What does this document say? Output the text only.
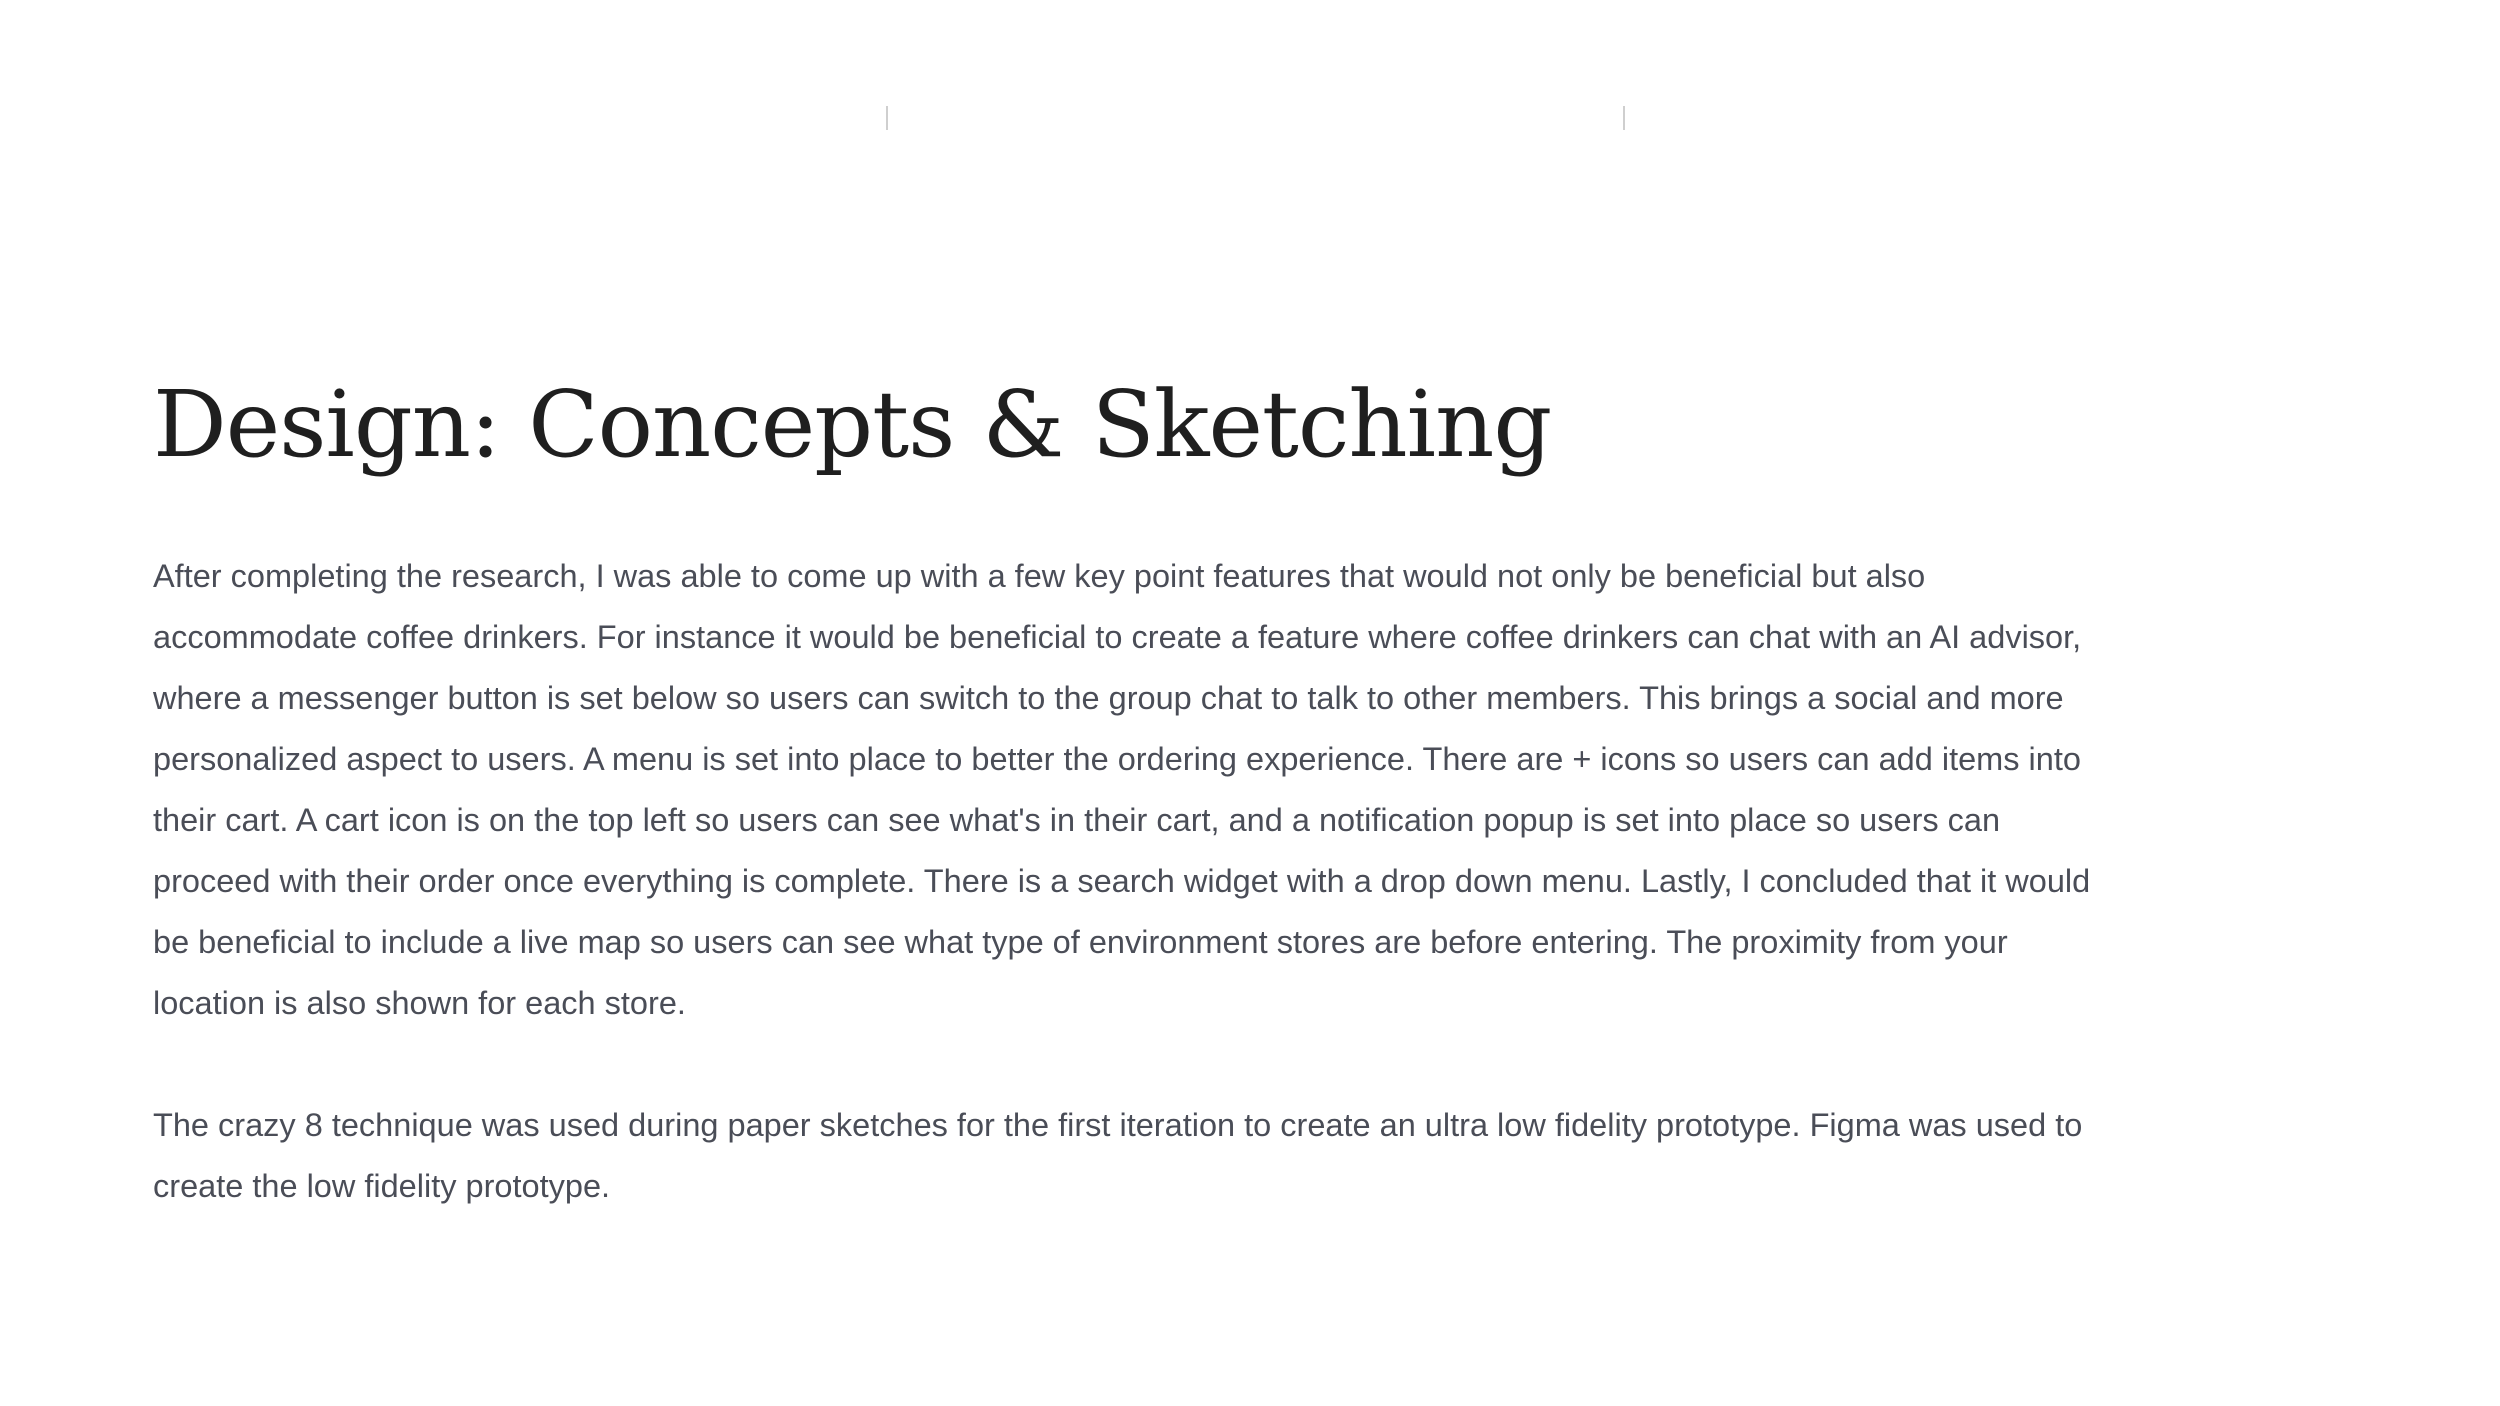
Design: Concepts & Sketching

After completing the research, I was able to come up with a few key point features that would not only be beneficial but also accommodate coffee drinkers. For instance it would be beneficial to create a feature where coffee drinkers can chat with an AI advisor, where a messenger button is set below so users can switch to the group chat to talk to other members. This brings a social and more personalized aspect to users. A menu is set into place to better the ordering experience. There are + icons so users can add items into their cart. A cart icon is on the top left so users can see what's in their cart, and a notification popup is set into place so users can proceed with their order once everything is complete. There is a search widget with a drop down menu. Lastly, I concluded that it would be beneficial to include a live map so users can see what type of environment stores are before entering. The proximity from your location is also shown for each store.

The crazy 8 technique was used during paper sketches for the first iteration to create an ultra low fidelity prototype. Figma was used to create the low fidelity prototype.
